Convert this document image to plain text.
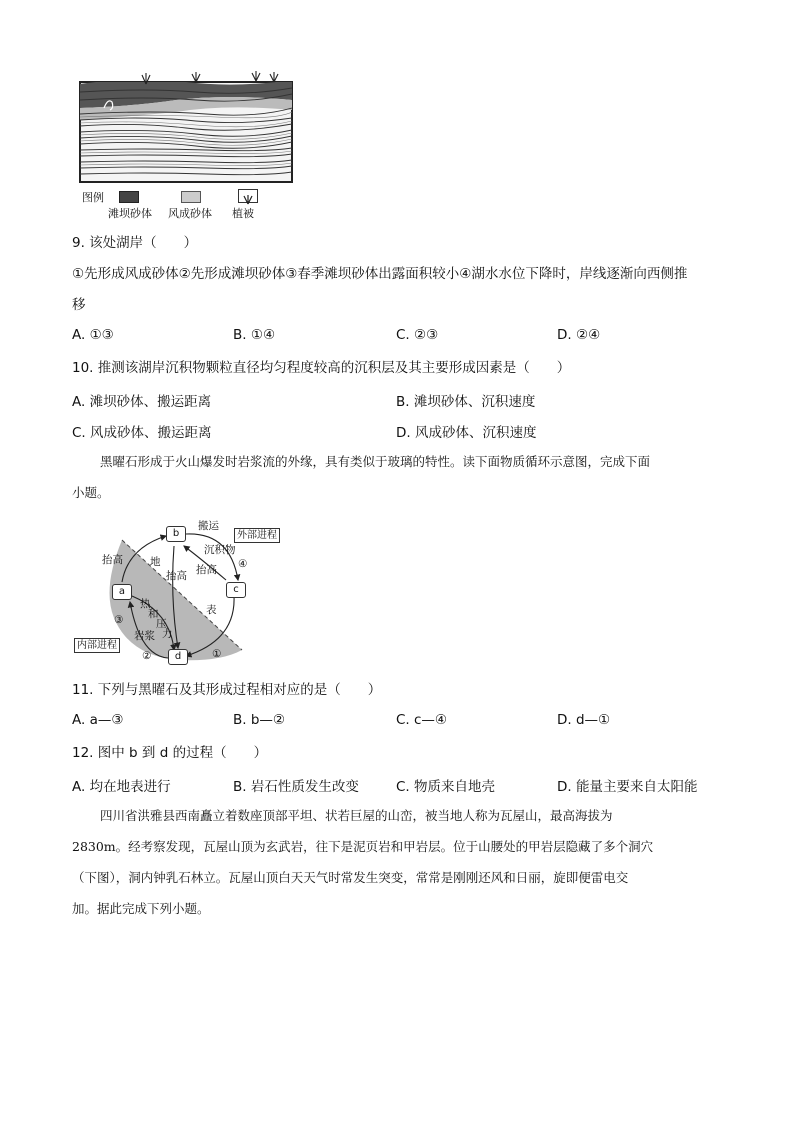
图例
滩坝砂体 风成砂体 植被
9. 该处湖岸（　　）
①先形成风成砂体②先形成滩坝砂体③春季滩坝砂体出露面积较小④湖水水位下降时，岸线逐渐向西侧推
移
A. ①③	B. ①④	C. ②③	D. ②④
10. 推测该湖岸沉积物颗粒直径均匀程度较高的沉积层及其主要形成因素是（　　）
A. 滩坝砂体、搬运距离	B. 滩坝砂体、沉积速度
C. 风成砂体、搬运距离	D. 风成砂体、沉积速度
黑曜石形成于火山爆发时岩浆流的外缘，具有类似于玻璃的特性。读下面物质循环示意图，完成下面
小题。
b
c
a
d
搬运
沉积物
外部进程
④
抬高
抬高
抬高	地
表
热
和
压
力
岩浆
③
②	①
内部进程
11. 下列与黑曜石及其形成过程相对应的是（　　）
A. a—③	B. b—②	C. c—④	D. d—①
12. 图中 b 到 d 的过程（　　）
A. 均在地表进行	B. 岩石性质发生改变	C. 物质来自地壳	D. 能量主要来自太阳能
四川省洪雅县西南矗立着数座顶部平坦、状若巨屋的山峦，被当地人称为瓦屋山，最高海拔为
2830m。经考察发现，瓦屋山顶为玄武岩，往下是泥页岩和甲岩层。位于山腰处的甲岩层隐藏了多个洞穴
（下图），洞内钟乳石林立。瓦屋山顶白天天气时常发生突变，常常是刚刚还风和日丽，旋即便雷电交
加。据此完成下列小题。
